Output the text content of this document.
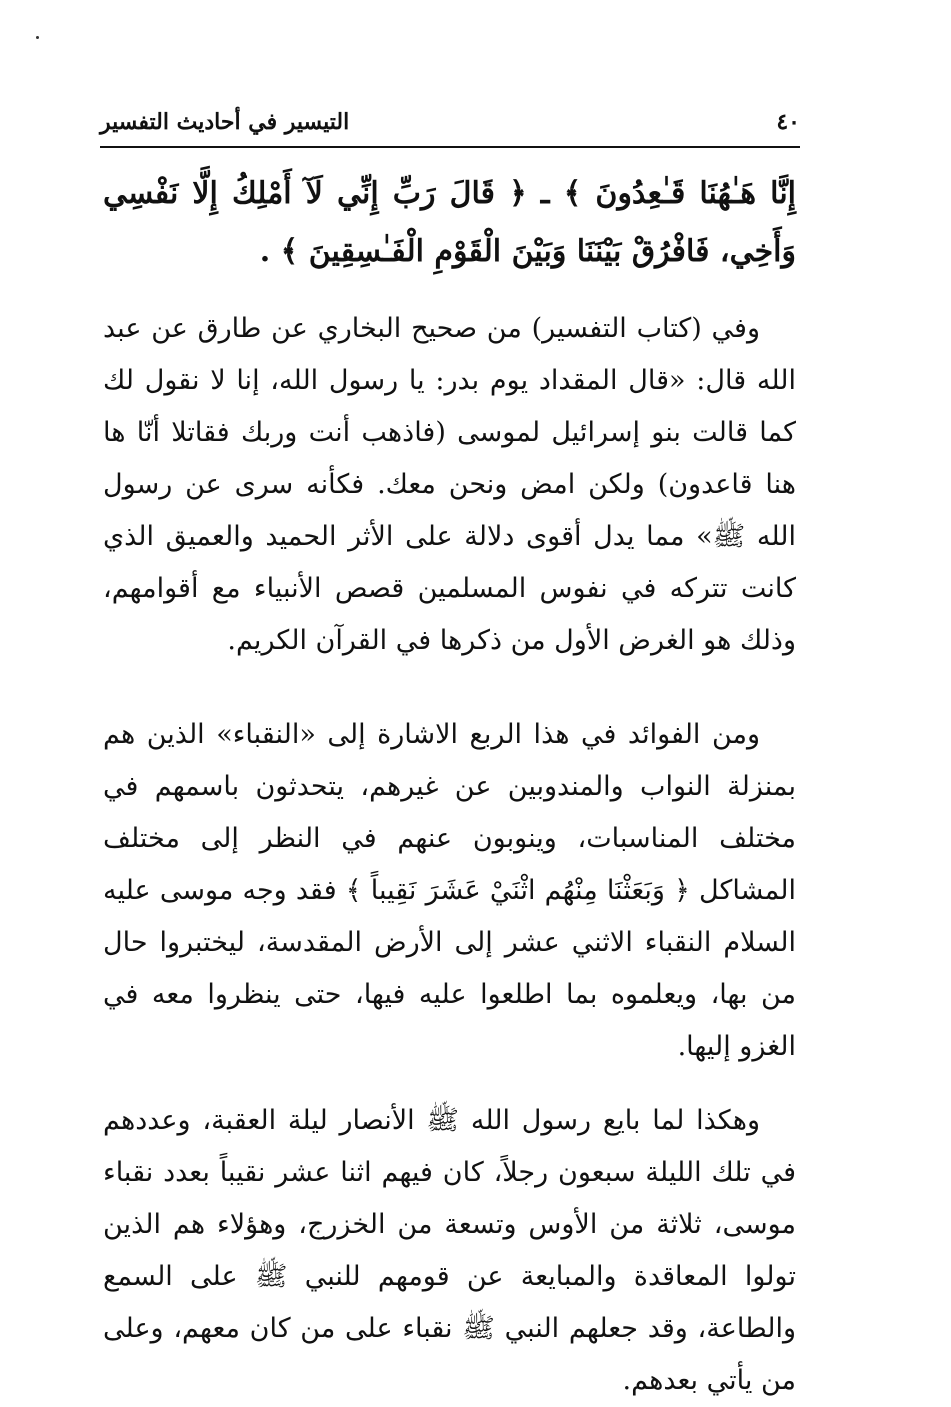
٤٠
التيسير في أحاديث التفسير

إِنَّا هَـٰهُنَا قَـٰعِدُونَ ﴾ ـ ﴿ قَالَ رَبِّ إِنِّي لَآ أَمْلِكُ إِلَّا نَفْسِي وَأَخِي، فَافْرُقْ بَيْنَنَا وَبَيْنَ الْقَوْمِ الْفَـٰسِقِينَ ﴾ .

وفي (كتاب التفسير) من صحيح البخاري عن طارق عن عبد الله قال: «قال المقداد يوم بدر: يا رسول الله، إنا لا نقول لك كما قالت بنو إسرائيل لموسى (فاذهب أنت وربك فقاتلا أنّا ها هنا قاعدون) ولكن امض ونحن معك. فكأنه سرى عن رسول الله ﷺ» مما يدل أقوى دلالة على الأثر الحميد والعميق الذي كانت تتركه في نفوس المسلمين قصص الأنبياء مع أقوامهم، وذلك هو الغرض الأول من ذكرها في القرآن الكريم.

ومن الفوائد في هذا الربع الاشارة إلى «النقباء» الذين هم بمنزلة النواب والمندوبين عن غيرهم، يتحدثون باسمهم في مختلف المناسبات، وينوبون عنهم في النظر إلى مختلف المشاكل ﴿ وَبَعَثْنَا مِنْهُم اثْنَيْ عَشَرَ نَقِيباً ﴾ فقد وجه موسى عليه السلام النقباء الاثني عشر إلى الأرض المقدسة، ليختبروا حال من بها، ويعلموه بما اطلعوا عليه فيها، حتى ينظروا معه في الغزو إليها.

وهكذا لما بايع رسول الله ﷺ الأنصار ليلة العقبة، وعددهم في تلك الليلة سبعون رجلاً، كان فيهم اثنا عشر نقيباً بعدد نقباء موسى، ثلاثة من الأوس وتسعة من الخزرج، وهؤلاء هم الذين تولوا المعاقدة والمبايعة عن قومهم للنبي ﷺ على السمع والطاعة، وقد جعلهم النبي ﷺ نقباء على من كان معهم، وعلى من يأتي بعدهم.
